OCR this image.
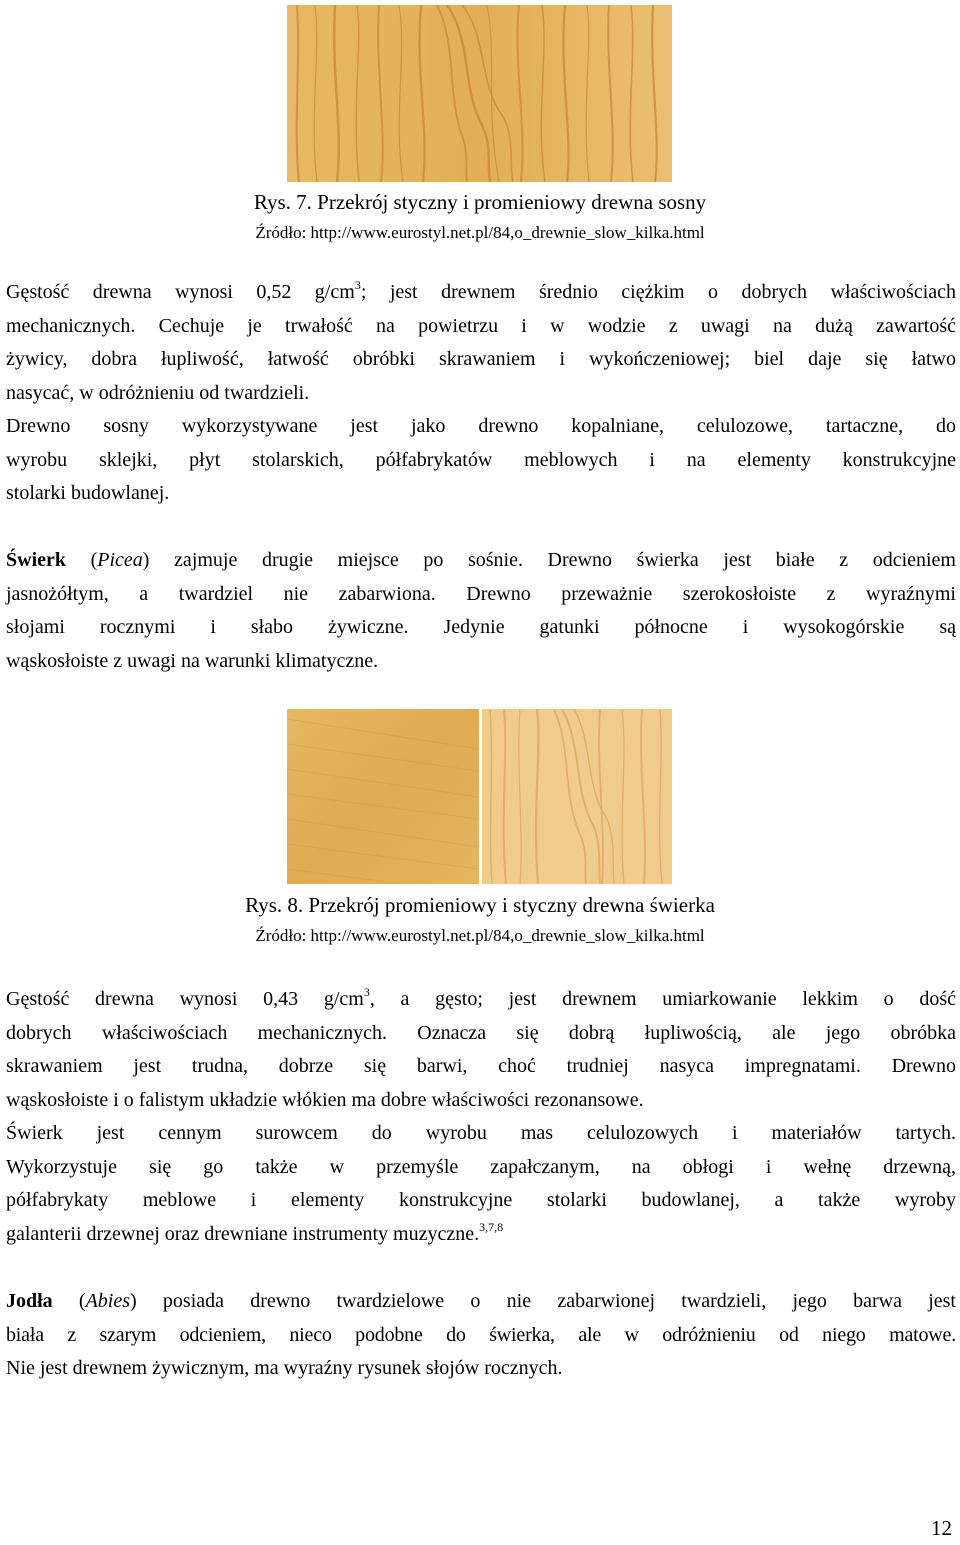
Rys. 7. Przekrój styczny i promieniowy drewna sosny
Źródło: http://www.eurostyl.net.pl/84,o_drewnie_slow_kilka.html
Gęstość drewna wynosi 0,52 $g/cm^3$; jest drewnem średnio ciężkim o dobrych właściwościach
mechanicznych. Cechuje je trwałość na powietrzu i w wodzie z uwagi na dużą zawartość
żywicy, dobra łupliwość, łatwość obróbki skrawaniem i wykończeniowej; biel daje się łatwo
nasycać, w odróżnieniu od twardzieli.
Drewno sosny wykorzystywane jest jako drewno kopalniane, celulozowe, tartaczne, do
wyrobu sklejki, płyt stolarskich, półfabrykatów meblowych i na elementy konstrukcyjne
stolarki budowlanej.
Świerk (Picea) zajmuje drugie miejsce po sośnie. Drewno świerka jest białe z odcieniem
jasnożółtym, a twardziel nie zabarwiona. Drewno przeważnie szerokosłoiste z wyraźnymi
słojami rocznymi i słabo żywiczne. Jedynie gatunki północne i wysokogórskie są
wąskosłoiste z uwagi na warunki klimatyczne.
Rys. 8. Przekrój promieniowy i styczny drewna świerka
Źródło: http://www.eurostyl.net.pl/84,o_drewnie_slow_kilka.html
Gęstość drewna wynosi 0,43 $g/cm^3$, a gęsto; jest drewnem umiarkowanie lekkim o dość
dobrych właściwościach mechanicznych. Oznacza się dobrą łupliwością, ale jego obróbka
skrawaniem jest trudna, dobrze się barwi, choć trudniej nasyca impregnatami. Drewno
wąskosłoiste i o falistym układzie włókien ma dobre właściwości rezonansowe.
Świerk jest cennym surowcem do wyrobu mas celulozowych i materiałów tartych.
Wykorzystuje się go także w przemyśle zapałczanym, na obłogi i wełnę drzewną,
półfabrykaty meblowe i elementy konstrukcyjne stolarki budowlanej, a także wyroby
galanterii drzewnej oraz drewniane instrumenty muzyczne.$^{3,7,8}$
Jodła (Abies) posiada drewno twardzielowe o nie zabarwionej twardzieli, jego barwa jest
biała z szarym odcieniem, nieco podobne do świerka, ale w odróżnieniu od niego matowe.
Nie jest drewnem żywicznym, ma wyraźny rysunek słojów rocznych.
12
